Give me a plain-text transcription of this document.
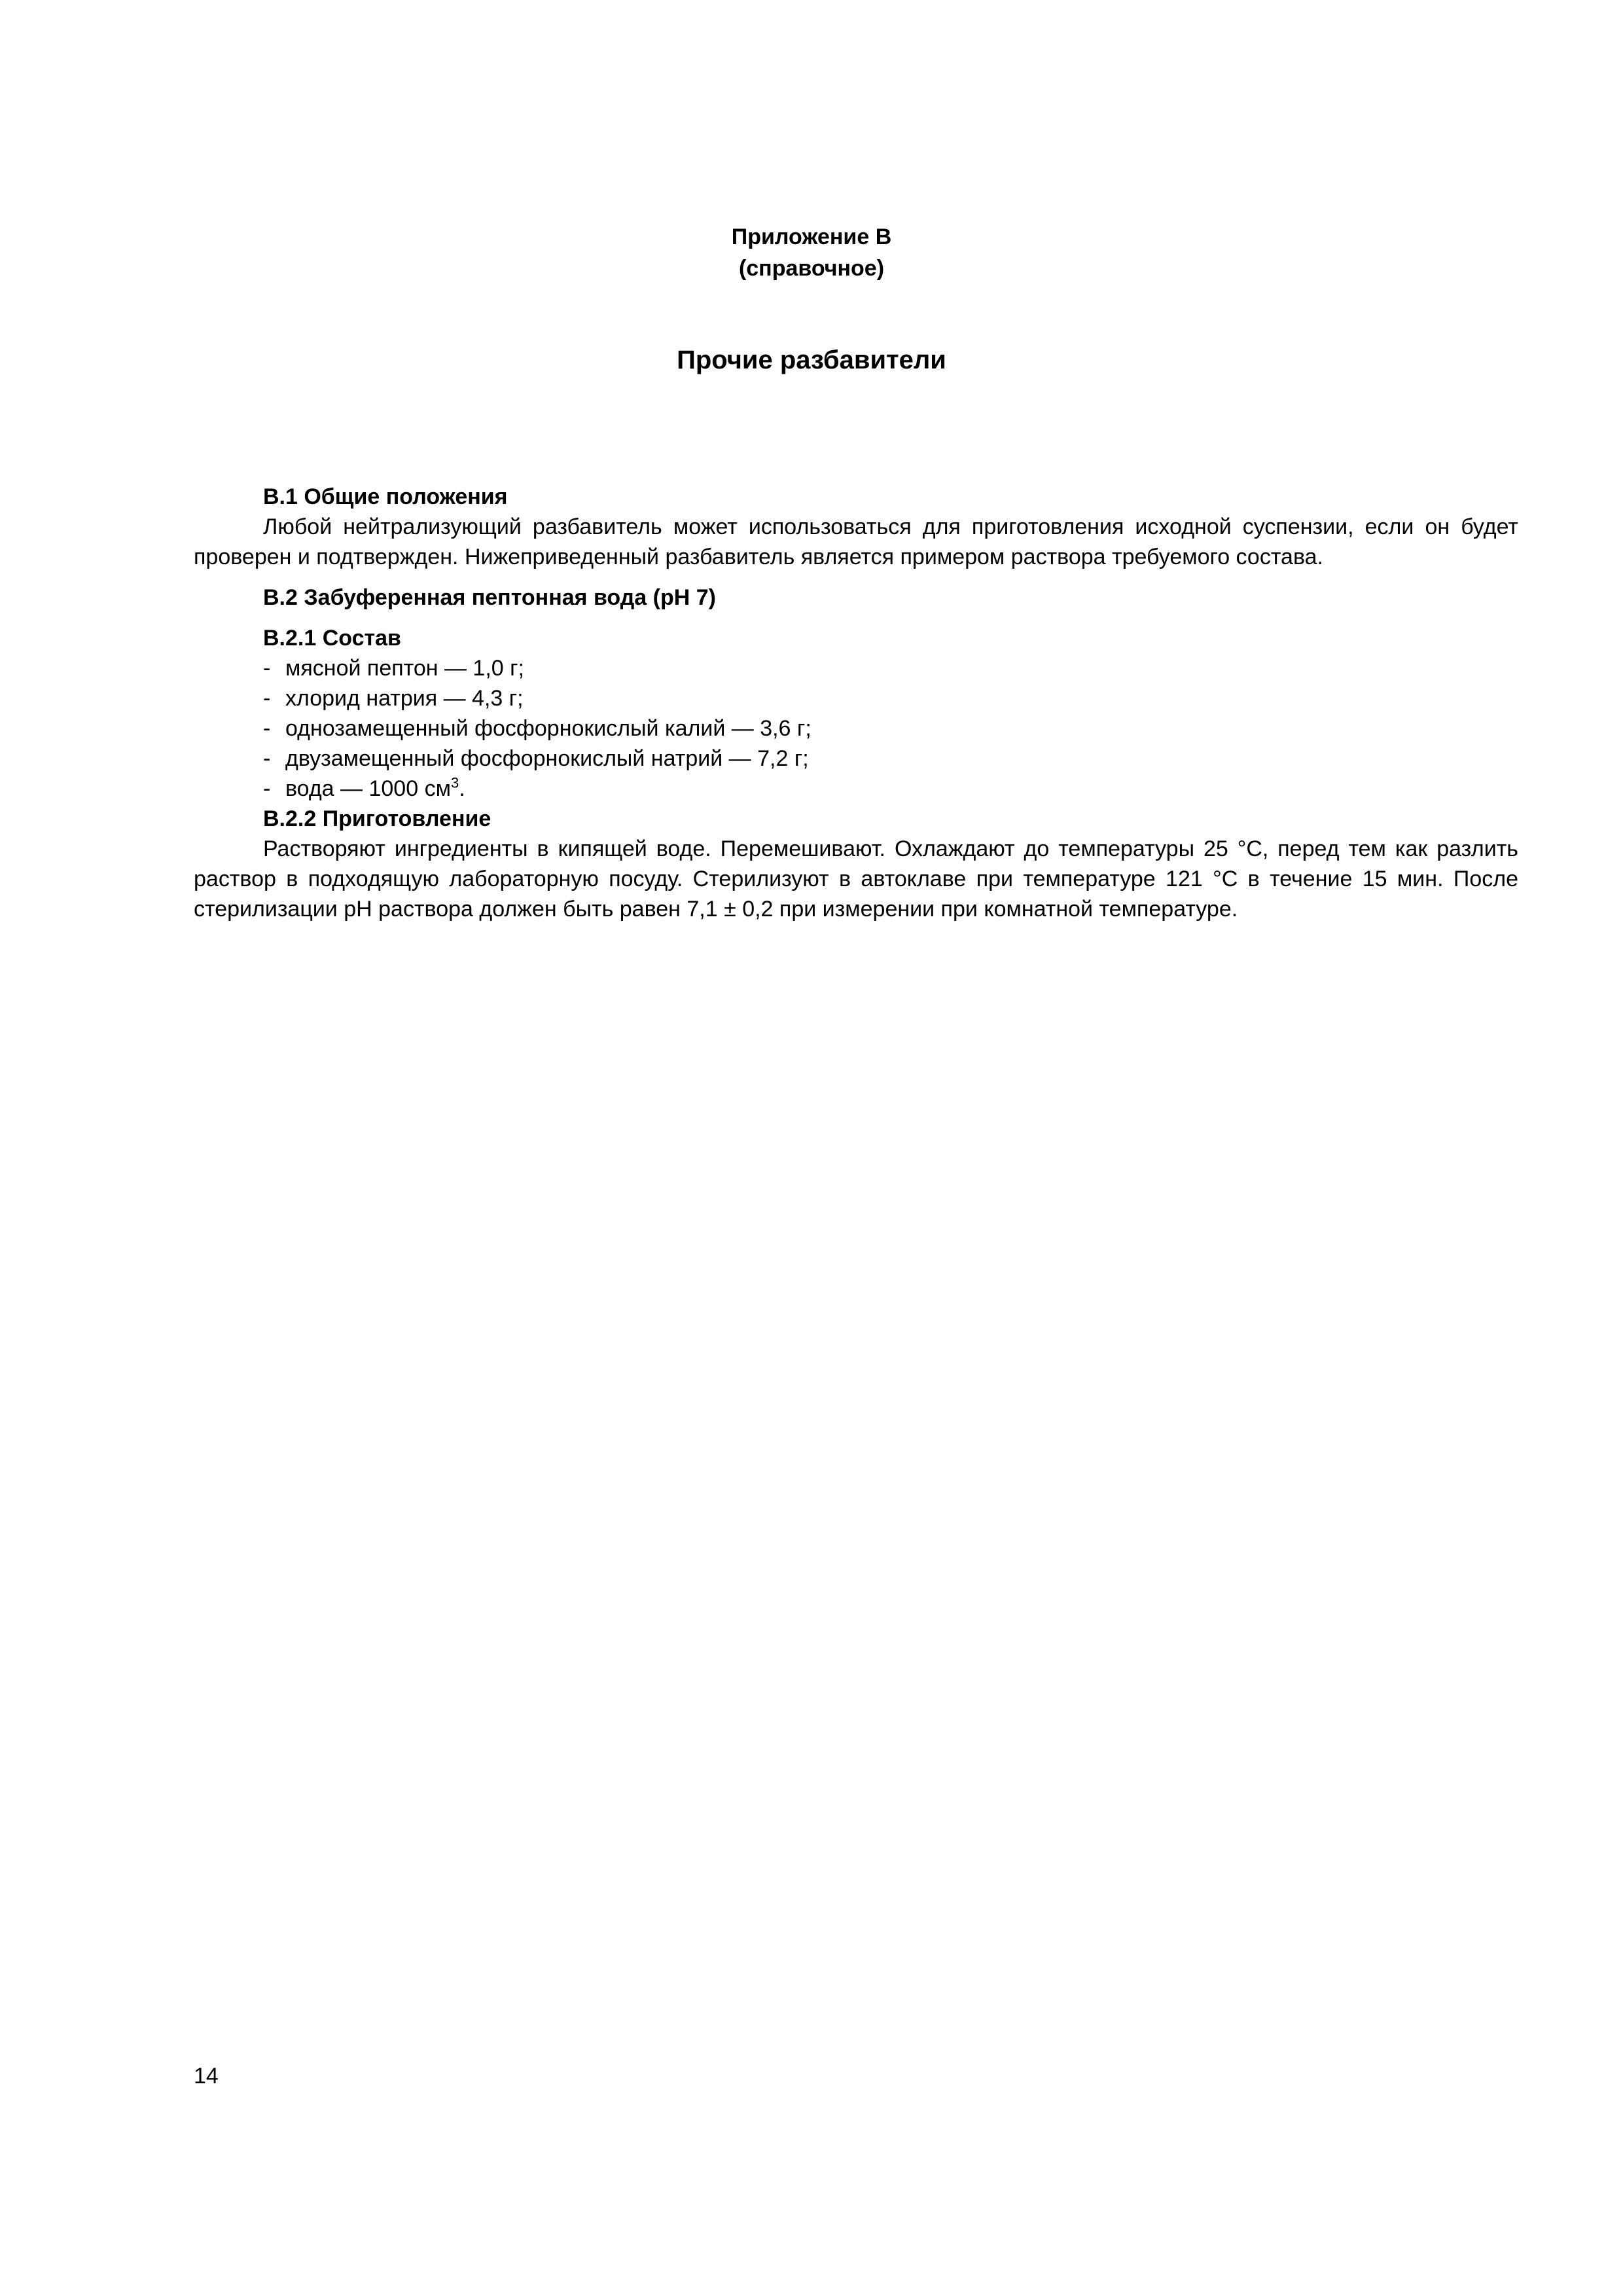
Приложение В
(справочное)
Прочие разбавители
В.1 Общие положения

Любой нейтрализующий разбавитель может использоваться для приготовления исходной суспензии, если он будет проверен и подтвержден. Нижеприведенный разбавитель является примером раствора требуемого состава.

В.2 Забуференная пептонная вода (рН 7)
В.2.1 Состав
- мясной пептон — 1,0 г;
- хлорид натрия — 4,3 г;
- однозамещенный фосфорнокислый калий — 3,6 г;
- двузамещенный фосфорнокислый натрий — 7,2 г;
- вода — 1000 $см^3$.
В.2.2 Приготовление

Растворяют ингредиенты в кипящей воде. Перемешивают. Охлаждают до температуры 25 °С, перед тем как разлить раствор в подходящую лабораторную посуду. Стерилизуют в автоклаве при температуре 121 °С в течение 15 мин. После стерилизации рН раствора должен быть равен 7,1 ± 0,2 при измерении при комнатной температуре.

14
